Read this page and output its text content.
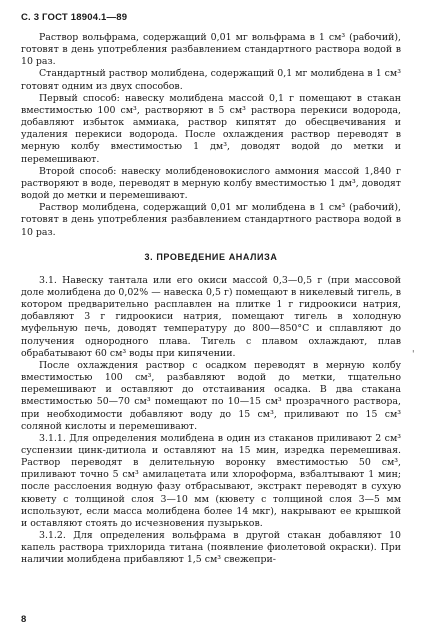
С. 3 ГОСТ 18904.1—89

Раствор вольфрама, содержащий 0,01 мг вольфрама в 1 см³ (рабочий), готовят в день употребления разбавлением стандартного раствора водой в 10 раз.

Стандартный раствор молибдена, содержащий 0,1 мг молибдена в 1 см³ готовят одним из двух способов.

Первый способ: навеску молибдена массой 0,1 г помещают в стакан вместимостью 100 см³, растворяют в 5 см³ раствора перекиси водорода, добавляют избыток аммиака, раствор кипятят до обесцвечивания и удаления перекиси водорода. После охлаждения раствор переводят в мерную колбу вместимостью 1 дм³, доводят водой до метки и перемешивают.

Второй способ: навеску молибденовокислого аммония массой 1,840 г растворяют в воде, переводят в мерную колбу вместимостью 1 дм³, доводят водой до метки и перемешивают.

Раствор молибдена, содержащий 0,01 мг молибдена в 1 см³ (рабочий), готовят в день употребления разбавлением стандартного раствора водой в 10 раз.

3. ПРОВЕДЕНИЕ АНАЛИЗА

3.1. Навеску тантала или его окиси массой 0,3—0,5 г (при массовой доле молибдена до 0,02% — навеска 0,5 г) помещают в никелевый тигель, в котором предварительно расплавлен на плитке 1 г гидроокиси натрия, добавляют 3 г гидроокиси натрия, помещают тигель в холодную муфельную печь, доводят температуру до 800—850°С и сплавляют до получения однородного плава. Тигель с плавом охлаждают, плав обрабатывают 60 см³ воды при кипячении.

После охлаждения раствор с осадком переводят в мерную колбу вместимостью 100 см³, разбавляют водой до метки, тщательно перемешивают и оставляют до отстаивания осадка. В два стакана вместимостью 50—70 см³ помещают по 10—15 см³ прозрачного раствора, при необходимости добавляют воду до 15 см³, приливают по 15 см³ соляной кислоты и перемешивают.

3.1.1. Для определения молибдена в один из стаканов приливают 2 см³ суспензии цинк-дитиола и оставляют на 15 мин, изредка перемешивая. Раствор переводят в делительную воронку вместимостью 50 см³, приливают точно 5 см³ амилацетата или хлороформа, взбалтывают 1 мин; после расслоения водную фазу отбрасывают, экстракт переводят в сухую кювету с толщиной слоя 3—10 мм (кювету с толщиной слоя 3—5 мм используют, если масса молибдена более 14 мкг), накрывают ее крышкой и оставляют стоять до исчезновения пузырьков.

3.1.2. Для определения вольфрама в другой стакан добавляют 10 капель раствора трихлорида титана (появление фиолетовой окраски). При наличии молибдена прибавляют 1,5 см³ свежепри-

'
8
